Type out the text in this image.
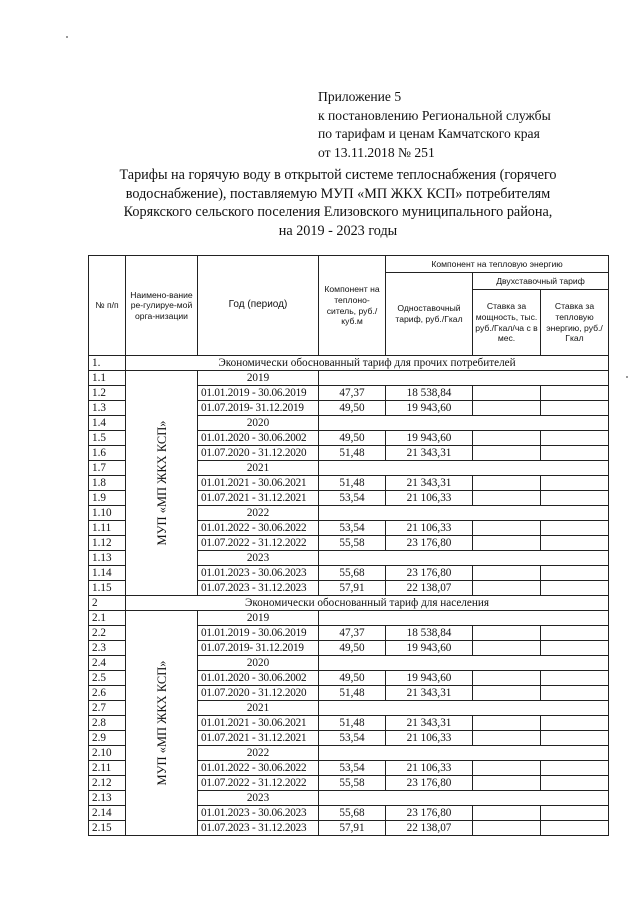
Приложение 5
к постановлению Региональной службы
по тарифам и ценам Камчатского края
от 13.11.2018 № 251
Тарифы на горячую воду в открытой системе теплоснабжения (горячего
водоснабжение), поставляемую МУП «МП ЖКХ КСП» потребителям
Корякского сельского поселения Елизовского муниципального района,
на 2019 - 2023 годы
№ п/п	Наимено-вание ре-гулируе-мой орга-низации	Год (период)	Компонент на теплоно-ситель, руб./куб.м	Компонент на тепловую энергию		
				Одноставочный тариф, руб./Гкал	Двухставочный тариф	
					Ставка за мощность, тыс. руб./Гкал/ча с в мес.	Ставка за тепловую энергию, руб./Гкал
1.	Экономически обоснованный тариф для прочих потребителей					
1.1	МУП «МП ЖКХ КСП»	2019				
1.2		01.01.2019 - 30.06.2019	47,37	18 538,84		
1.3		01.07.2019- 31.12.2019	49,50	19 943,60		
1.4		2020				
1.5		01.01.2020 - 30.06.2002	49,50	19 943,60		
1.6		01.07.2020 - 31.12.2020	51,48	21 343,31		
1.7		2021				
1.8		01.01.2021 - 30.06.2021	51,48	21 343,31		
1.9		01.07.2021 - 31.12.2021	53,54	21 106,33		
1.10		2022				
1.11		01.01.2022 - 30.06.2022	53,54	21 106,33		
1.12		01.07.2022 - 31.12.2022	55,58	23 176,80		
1.13		2023				
1.14		01.01.2023 - 30.06.2023	55,68	23 176,80		
1.15		01.07.2023 - 31.12.2023	57,91	22 138,07		
2	Экономически обоснованный тариф для населения					
2.1	МУП «МП ЖКХ КСП»	2019				
2.2		01.01.2019 - 30.06.2019	47,37	18 538,84		
2.3		01.07.2019- 31.12.2019	49,50	19 943,60		
2.4		2020				
2.5		01.01.2020 - 30.06.2002	49,50	19 943,60		
2.6		01.07.2020 - 31.12.2020	51,48	21 343,31		
2.7		2021				
2.8		01.01.2021 - 30.06.2021	51,48	21 343,31		
2.9		01.07.2021 - 31.12.2021	53,54	21 106,33		
2.10		2022				
2.11		01.01.2022 - 30.06.2022	53,54	21 106,33		
2.12		01.07.2022 - 31.12.2022	55,58	23 176,80		
2.13		2023				
2.14		01.01.2023 - 30.06.2023	55,68	23 176,80		
2.15		01.07.2023 - 31.12.2023	57,91	22 138,07		
